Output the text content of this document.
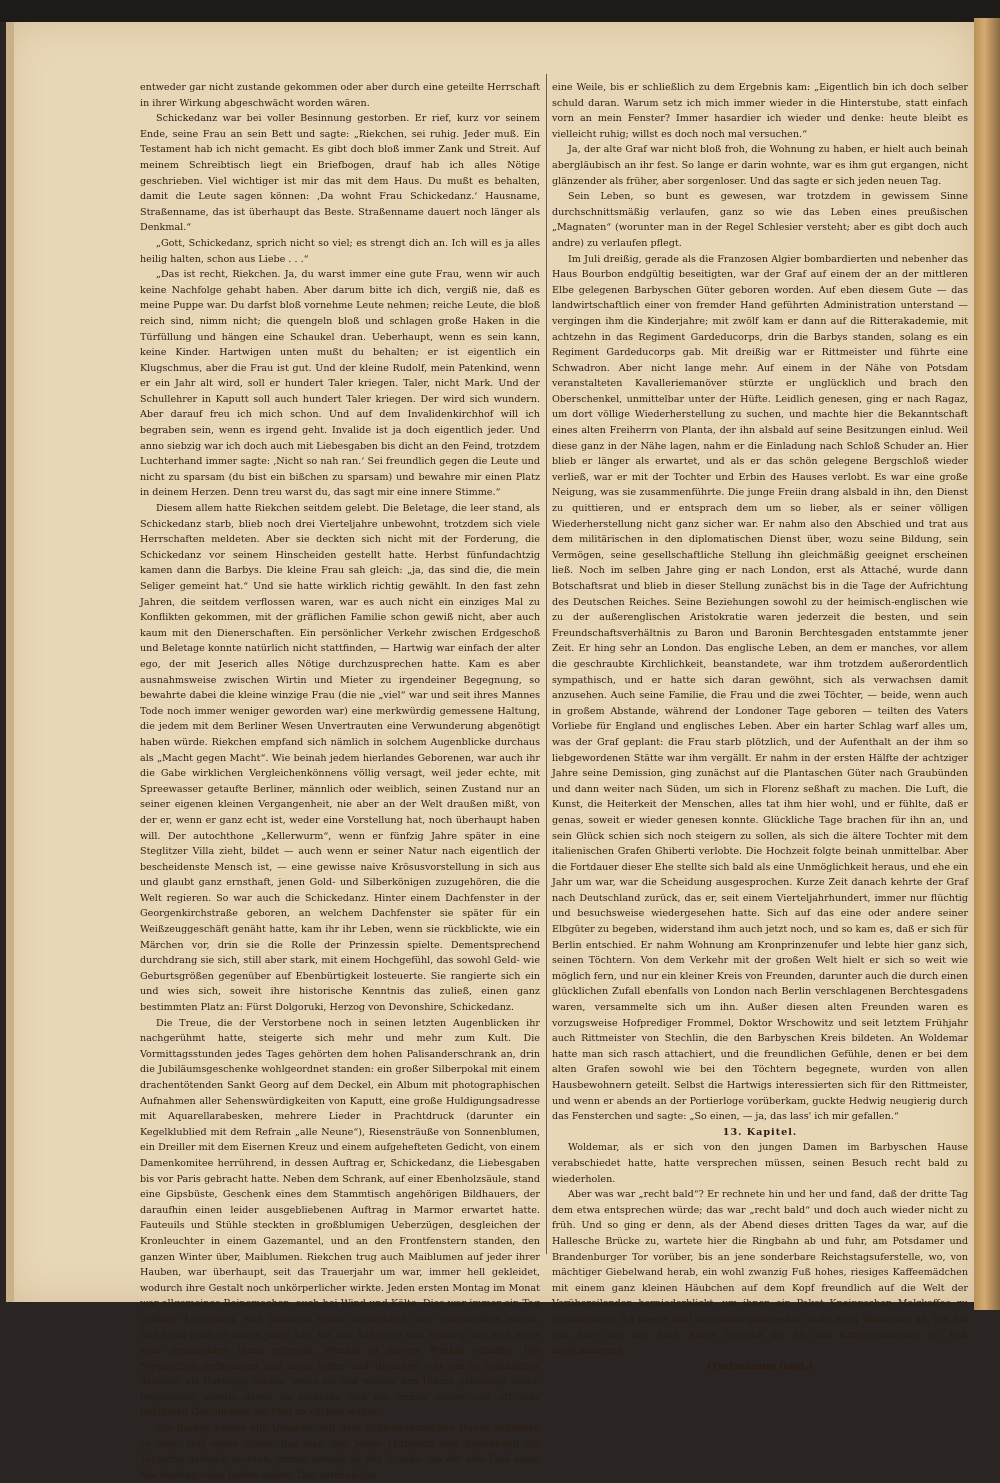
entweder gar nicht zustande gekommen oder aber durch eine geteilte Herrschaft in ihrer Wirkung abgeschwächt worden wären.

Schickedanz war bei voller Besinnung gestorben. Er rief, kurz vor seinem Ende, seine Frau an sein Bett und sagte: „Riekchen, sei ruhig. Jeder muß. Ein Testament hab ich nicht gemacht. Es gibt doch bloß immer Zank und Streit. Auf meinem Schreibtisch liegt ein Briefbogen, drauf hab ich alles Nötige geschrieben. Viel wichtiger ist mir das mit dem Haus. Du mußt es behalten, damit die Leute sagen können: ‚Da wohnt Frau Schickedanz.‘ Hausname, Straßenname, das ist überhaupt das Beste. Straßenname dauert noch länger als Denkmal.“

„Gott, Schickedanz, sprich nicht so viel; es strengt dich an. Ich will es ja alles heilig halten, schon aus Liebe . . .“

„Das ist recht, Riekchen. Ja, du warst immer eine gute Frau, wenn wir auch keine Nachfolge gehabt haben. Aber darum bitte ich dich, vergiß nie, daß es meine Puppe war. Du darfst bloß vornehme Leute nehmen; reiche Leute, die bloß reich sind, nimm nicht; die quengeln bloß und schlagen große Haken in die Türfüllung und hängen eine Schaukel dran. Ueberhaupt, wenn es sein kann, keine Kinder. Hartwigen unten mußt du behalten; er ist eigentlich ein Klugschmus, aber die Frau ist gut. Und der kleine Rudolf, mein Patenkind, wenn er ein Jahr alt wird, soll er hundert Taler kriegen. Taler, nicht Mark. Und der Schullehrer in Kaputt soll auch hundert Taler kriegen. Der wird sich wundern. Aber darauf freu ich mich schon. Und auf dem Invalidenkirchhof will ich begraben sein, wenn es irgend geht. Invalide ist ja doch eigentlich jeder. Und anno siebzig war ich doch auch mit Liebesgaben bis dicht an den Feind, trotzdem Luchterhand immer sagte: ‚Nicht so nah ran.‘ Sei freundlich gegen die Leute und nicht zu sparsam (du bist ein bißchen zu sparsam) und bewahre mir einen Platz in deinem Herzen. Denn treu warst du, das sagt mir eine innere Stimme.“

Diesem allem hatte Riekchen seitdem gelebt. Die Beletage, die leer stand, als Schickedanz starb, blieb noch drei Vierteljahre unbewohnt, trotzdem sich viele Herrschaften meldeten. Aber sie deckten sich nicht mit der Forderung, die Schickedanz vor seinem Hinscheiden gestellt hatte. Herbst fünfundachtzig kamen dann die Barbys. Die kleine Frau sah gleich: „ja, das sind die, die mein Seliger gemeint hat.“ Und sie hatte wirklich richtig gewählt. In den fast zehn Jahren, die seitdem verflossen waren, war es auch nicht ein einziges Mal zu Konflikten gekommen, mit der gräflichen Familie schon gewiß nicht, aber auch kaum mit den Dienerschaften. Ein persönlicher Verkehr zwischen Erdgeschoß und Beletage konnte natürlich nicht stattfinden, — Hartwig war einfach der alter ego, der mit Jeserich alles Nötige durchzusprechen hatte. Kam es aber ausnahmsweise zwischen Wirtin und Mieter zu irgendeiner Begegnung, so bewahrte dabei die kleine winzige Frau (die nie „viel“ war und seit ihres Mannes Tode noch immer weniger geworden war) eine merkwürdig gemessene Haltung, die jedem mit dem Berliner Wesen Unvertrauten eine Verwunderung abgenötigt haben würde. Riekchen empfand sich nämlich in solchem Augenblicke durchaus als „Macht gegen Macht“. Wie beinah jedem hierlandes Geborenen, war auch ihr die Gabe wirklichen Vergleichenkönnens völlig versagt, weil jeder echte, mit Spreewasser getaufte Berliner, männlich oder weiblich, seinen Zustand nur an seiner eigenen kleinen Vergangenheit, nie aber an der Welt draußen mißt, von der er, wenn er ganz echt ist, weder eine Vorstellung hat, noch überhaupt haben will. Der autochthone „Kellerwurm“, wenn er fünfzig Jahre später in eine Steglitzer Villa zieht, bildet — auch wenn er seiner Natur nach eigentlich der bescheidenste Mensch ist, — eine gewisse naive Krösusvorstellung in sich aus und glaubt ganz ernsthaft, jenen Gold- und Silberkönigen zuzugehören, die die Welt regieren. So war auch die Schickedanz. Hinter einem Dachfenster in der Georgenkirchstraße geboren, an welchem Dachfenster sie später für ein Weißzeuggeschäft genäht hatte, kam ihr ihr Leben, wenn sie rückblickte, wie ein Märchen vor, drin sie die Rolle der Prinzessin spielte. Dementsprechend durchdrang sie sich, still aber stark, mit einem Hochgefühl, das sowohl Geld- wie Geburtsgrößen gegenüber auf Ebenbürtigkeit losteuerte. Sie rangierte sich ein und wies sich, soweit ihre historische Kenntnis das zuließ, einen ganz bestimmten Platz an: Fürst Dolgoruki, Herzog von Devonshire, Schickedanz.

Die Treue, die der Verstorbene noch in seinen letzten Augenblicken ihr nachgerühmt hatte, steigerte sich mehr und mehr zum Kult. Die Vormittagsstunden jedes Tages gehörten dem hohen Palisanderschrank an, drin die Jubiläumsgeschenke wohlgeordnet standen: ein großer Silberpokal mit einem drachentötenden Sankt Georg auf dem Deckel, ein Album mit photographischen Aufnahmen aller Sehenswürdigkeiten von Kaputt, eine große Huldigungsadresse mit Aquarellarabesken, mehrere Lieder in Prachtdruck (darunter ein Kegelklublied mit dem Refrain „alle Neune“), Riesensträuße von Sonnenblumen, ein Dreiller mit dem Eisernen Kreuz und einem aufgehefteten Gedicht, von einem Damenkomitee herrührend, in dessen Auftrag er, Schickedanz, die Liebesgaben bis vor Paris gebracht hatte. Neben dem Schrank, auf einer Ebenholzsäule, stand eine Gipsbüste, Geschenk eines dem Stammtisch angehörigen Bildhauers, der daraufhin einen leider ausgebliebenen Auftrag in Marmor erwartet hatte. Fauteuils und Stühle steckten in großblumigen Ueberzügen, desgleichen der Kronleuchter in einem Gazemantel, und an den Frontfenstern standen, den ganzen Winter über, Maiblumen. Riekchen trug auch Maiblumen auf jeder ihrer Hauben, war überhaupt, seit das Trauerjahr um war, immer hell gekleidet, wodurch ihre Gestalt noch unkörperlicher wirkte. Jeden ersten Montag im Monat war allgemeines Reinemachen, auch bei Wind und Kälte. Dies war immer ein Tag größter Aufregung, weil jedesmal etwas zerbrochen oder umgestoßen wurde. Das blieb auch so durch Jahre hin, bis das Auftreten von Hedwig, die sich einer sehr geschickten Hand erfreute, Wandel in diesem Punkte schaffte. Die Nippsachen zerbrachen nun nicht mehr, und Riekchen war um so glücklicher darüber, als Hartwigs Nichte, wenn sie mal wieder den Dienst gekündigt hatte, regelmäßig allerlei davon zu erzählen und mit immer neuen und oft sehr intrikaten Geschichten ins Feld zu rücken wußte.

Die Barbys hatten alle Ursache, mit dem Schickedanzschen Hause zufrieden zu sein. Nur eines störte, das war, daß jeden Mittwoch und Sonnabend die Teppiche geklopft wurden, immer gerade zu der Stunde, wo der alte Graf seine Nachmittagsruhe halten wollte. Das verdroß ihn

eine Weile, bis er schließlich zu dem Ergebnis kam: „Eigentlich bin ich doch selber schuld daran. Warum setz ich mich immer wieder in die Hinterstube, statt einfach vorn an mein Fenster? Immer hasardier ich wieder und denke: heute bleibt es vielleicht ruhig; willst es doch noch mal versuchen.“

Ja, der alte Graf war nicht bloß froh, die Wohnung zu haben, er hielt auch beinah abergläubisch an ihr fest. So lange er darin wohnte, war es ihm gut ergangen, nicht glänzender als früher, aber sorgenloser. Und das sagte er sich jeden neuen Tag.

Sein Leben, so bunt es gewesen, war trotzdem in gewissem Sinne durchschnittsmäßig verlaufen, ganz so wie das Leben eines preußischen „Magnaten“ (worunter man in der Regel Schlesier versteht; aber es gibt doch auch andre) zu verlaufen pflegt.

Im Juli dreißig, gerade als die Franzosen Algier bombardierten und nebenher das Haus Bourbon endgültig beseitigten, war der Graf auf einem der an der mittleren Elbe gelegenen Barbyschen Güter geboren worden. Auf eben diesem Gute — das landwirtschaftlich einer von fremder Hand geführten Administration unterstand — vergingen ihm die Kinderjahre; mit zwölf kam er dann auf die Ritterakademie, mit achtzehn in das Regiment Gardeducorps, drin die Barbys standen, solang es ein Regiment Gardeducorps gab. Mit dreißig war er Rittmeister und führte eine Schwadron. Aber nicht lange mehr. Auf einem in der Nähe von Potsdam veranstalteten Kavalleriemanöver stürzte er unglücklich und brach den Oberschenkel, unmittelbar unter der Hüfte. Leidlich genesen, ging er nach Ragaz, um dort völlige Wiederherstellung zu suchen, und machte hier die Bekanntschaft eines alten Freiherrn von Planta, der ihn alsbald auf seine Besitzungen einlud. Weil diese ganz in der Nähe lagen, nahm er die Einladung nach Schloß Schuder an. Hier blieb er länger als erwartet, und als er das schön gelegene Bergschloß wieder verließ, war er mit der Tochter und Erbin des Hauses verlobt. Es war eine große Neigung, was sie zusammenführte. Die junge Freiin drang alsbald in ihn, den Dienst zu quittieren, und er entsprach dem um so lieber, als er seiner völligen Wiederherstellung nicht ganz sicher war. Er nahm also den Abschied und trat aus dem militärischen in den diplomatischen Dienst über, wozu seine Bildung, sein Vermögen, seine gesellschaftliche Stellung ihn gleichmäßig geeignet erscheinen ließ. Noch im selben Jahre ging er nach London, erst als Attaché, wurde dann Botschaftsrat und blieb in dieser Stellung zunächst bis in die Tage der Aufrichtung des Deutschen Reiches. Seine Beziehungen sowohl zu der heimisch-englischen wie zu der außerenglischen Aristokratie waren jederzeit die besten, und sein Freundschaftsverhältnis zu Baron und Baronin Berchtesgaden entstammte jener Zeit. Er hing sehr an London. Das englische Leben, an dem er manches, vor allem die geschraubte Kirchlichkeit, beanstandete, war ihm trotzdem außerordentlich sympathisch, und er hatte sich daran gewöhnt, sich als verwachsen damit anzusehen. Auch seine Familie, die Frau und die zwei Töchter, — beide, wenn auch in großem Abstande, während der Londoner Tage geboren — teilten des Vaters Vorliebe für England und englisches Leben. Aber ein harter Schlag warf alles um, was der Graf geplant: die Frau starb plötzlich, und der Aufenthalt an der ihm so liebgewordenen Stätte war ihm vergällt. Er nahm in der ersten Hälfte der achtziger Jahre seine Demission, ging zunächst auf die Plantaschen Güter nach Graubünden und dann weiter nach Süden, um sich in Florenz seßhaft zu machen. Die Luft, die Kunst, die Heiterkeit der Menschen, alles tat ihm hier wohl, und er fühlte, daß er genas, soweit er wieder genesen konnte. Glückliche Tage brachen für ihn an, und sein Glück schien sich noch steigern zu sollen, als sich die ältere Tochter mit dem italienischen Grafen Ghiberti verlobte. Die Hochzeit folgte beinah unmittelbar. Aber die Fortdauer dieser Ehe stellte sich bald als eine Unmöglichkeit heraus, und ehe ein Jahr um war, war die Scheidung ausgesprochen. Kurze Zeit danach kehrte der Graf nach Deutschland zurück, das er, seit einem Vierteljahrhundert, immer nur flüchtig und besuchsweise wiedergesehen hatte. Sich auf das eine oder andere seiner Elbgüter zu begeben, widerstand ihm auch jetzt noch, und so kam es, daß er sich für Berlin entschied. Er nahm Wohnung am Kronprinzenufer und lebte hier ganz sich, seinen Töchtern. Von dem Verkehr mit der großen Welt hielt er sich so weit wie möglich fern, und nur ein kleiner Kreis von Freunden, darunter auch die durch einen glücklichen Zufall ebenfalls von London nach Berlin verschlagenen Berchtesgadens waren, versammelte sich um ihn. Außer diesen alten Freunden waren es vorzugsweise Hofprediger Frommel, Doktor Wrschowitz und seit letztem Frühjahr auch Rittmeister von Stechlin, die den Barbyschen Kreis bildeten. An Woldemar hatte man sich rasch attachiert, und die freundlichen Gefühle, denen er bei dem alten Grafen sowohl wie bei den Töchtern begegnete, wurden von allen Hausbewohnern geteilt. Selbst die Hartwigs interessierten sich für den Rittmeister, und wenn er abends an der Portierloge vorüberkam, guckte Hedwig neugierig durch das Fensterchen und sagte: „So einen, — ja, das lass' ich mir gefallen.“

13. Kapitel.

Woldemar, als er sich von den jungen Damen im Barbyschen Hause verabschiedet hatte, hatte versprechen müssen, seinen Besuch recht bald zu wiederholen.

Aber was war „recht bald“? Er rechnete hin und her und fand, daß der dritte Tag dem etwa entsprechen würde; das war „recht bald“ und doch auch wieder nicht zu früh. Und so ging er denn, als der Abend dieses dritten Tages da war, auf die Hallesche Brücke zu, wartete hier die Ringbahn ab und fuhr, am Potsdamer und Brandenburger Tor vorüber, bis an jene sonderbare Reichstagsuferstelle, wo, von mächtiger Giebelwand herab, ein wohl zwanzig Fuß hohes, riesiges Kaffeemädchen mit einem ganz kleinen Häubchen auf dem Kopf freundlich auf die Welt der Vorübereilenden herniederblickt, um ihnen ein Paket Kneippschen Malzkaffee zu präsentieren. An dieser echt berlinisch-pittoresken Ecke stieg Woldemar ab, um die von hier aus nur noch kurze Strecke bis an das Kronprinzenufer zu Fuß zurückzulegen.

(Fortsetzung folgt.)
